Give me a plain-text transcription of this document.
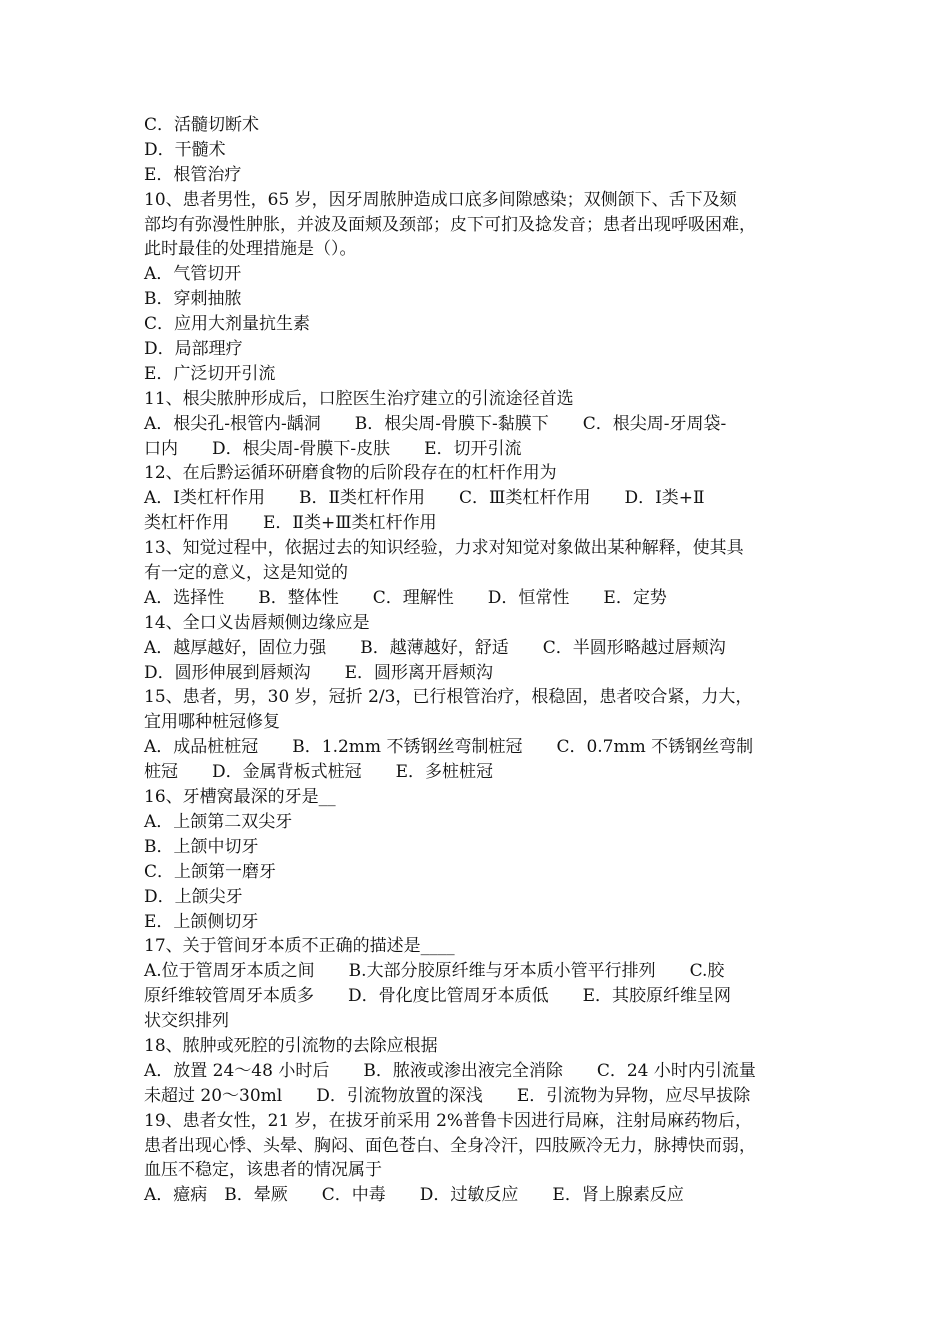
C．活髓切断术
D．干髓术
E．根管治疗
10、患者男性，65 岁，因牙周脓肿造成口底多间隙感染；双侧颌下、舌下及颏
部均有弥漫性肿胀，并波及面颊及颈部；皮下可扪及捻发音；患者出现呼吸困难，
此时最佳的处理措施是（）。
A．气管切开
B．穿刺抽脓
C．应用大剂量抗生素
D．局部理疗
E．广泛切开引流
11、根尖脓肿形成后，口腔医生治疗建立的引流途径首选
A．根尖孔-根管内-龋洞　　B．根尖周-骨膜下-黏膜下　　C．根尖周-牙周袋-
口内　　D．根尖周-骨膜下-皮肤　　E．切开引流
12、在后黔运循环研磨食物的后阶段存在的杠杆作用为
A．Ⅰ类杠杆作用　　B．Ⅱ类杠杆作用　　C．Ⅲ类杠杆作用　　D．Ⅰ类+Ⅱ
类杠杆作用　　E．Ⅱ类+Ⅲ类杠杆作用
13、知觉过程中，依据过去的知识经验，力求对知觉对象做出某种解释，使其具
有一定的意义，这是知觉的
A．选择性　　B．整体性　　C．理解性　　D．恒常性　　E．定势
14、全口义齿唇颊侧边缘应是
A．越厚越好，固位力强　　B．越薄越好，舒适　　C．半圆形略越过唇颊沟
D．圆形伸展到唇颊沟　　E．圆形离开唇颊沟
15、患者，男，30 岁，冠折 2/3，已行根管治疗，根稳固，患者咬合紧，力大，
宜用哪种桩冠修复
A．成品桩桩冠　　B．1.2mm 不锈钢丝弯制桩冠　　C．0.7mm 不锈钢丝弯制
桩冠　　D．金属背板式桩冠　　E．多桩桩冠
16、牙槽窝最深的牙是__
A．上颌第二双尖牙
B．上颌中切牙
C．上颌第一磨牙
D．上颌尖牙
E．上颌侧切牙
17、关于管间牙本质不正确的描述是____
A.位于管周牙本质之间　　B.大部分胶原纤维与牙本质小管平行排列　　C.胶
原纤维较管周牙本质多　　D．骨化度比管周牙本质低　　E．其胶原纤维呈网
状交织排列
18、脓肿或死腔的引流物的去除应根据
A．放置 24～48 小时后　　B．脓液或渗出液完全消除　　C．24 小时内引流量
未超过 20～30ml　　D．引流物放置的深浅　　E．引流物为异物，应尽早拔除
19、患者女性，21 岁，在拔牙前采用 2%普鲁卡因进行局麻，注射局麻药物后，
患者出现心悸、头晕、胸闷、面色苍白、全身冷汗，四肢厥冷无力，脉搏快而弱，
血压不稳定，该患者的情况属于
A．癔病　B．晕厥　　C．中毒　　D．过敏反应　　E．肾上腺素反应
